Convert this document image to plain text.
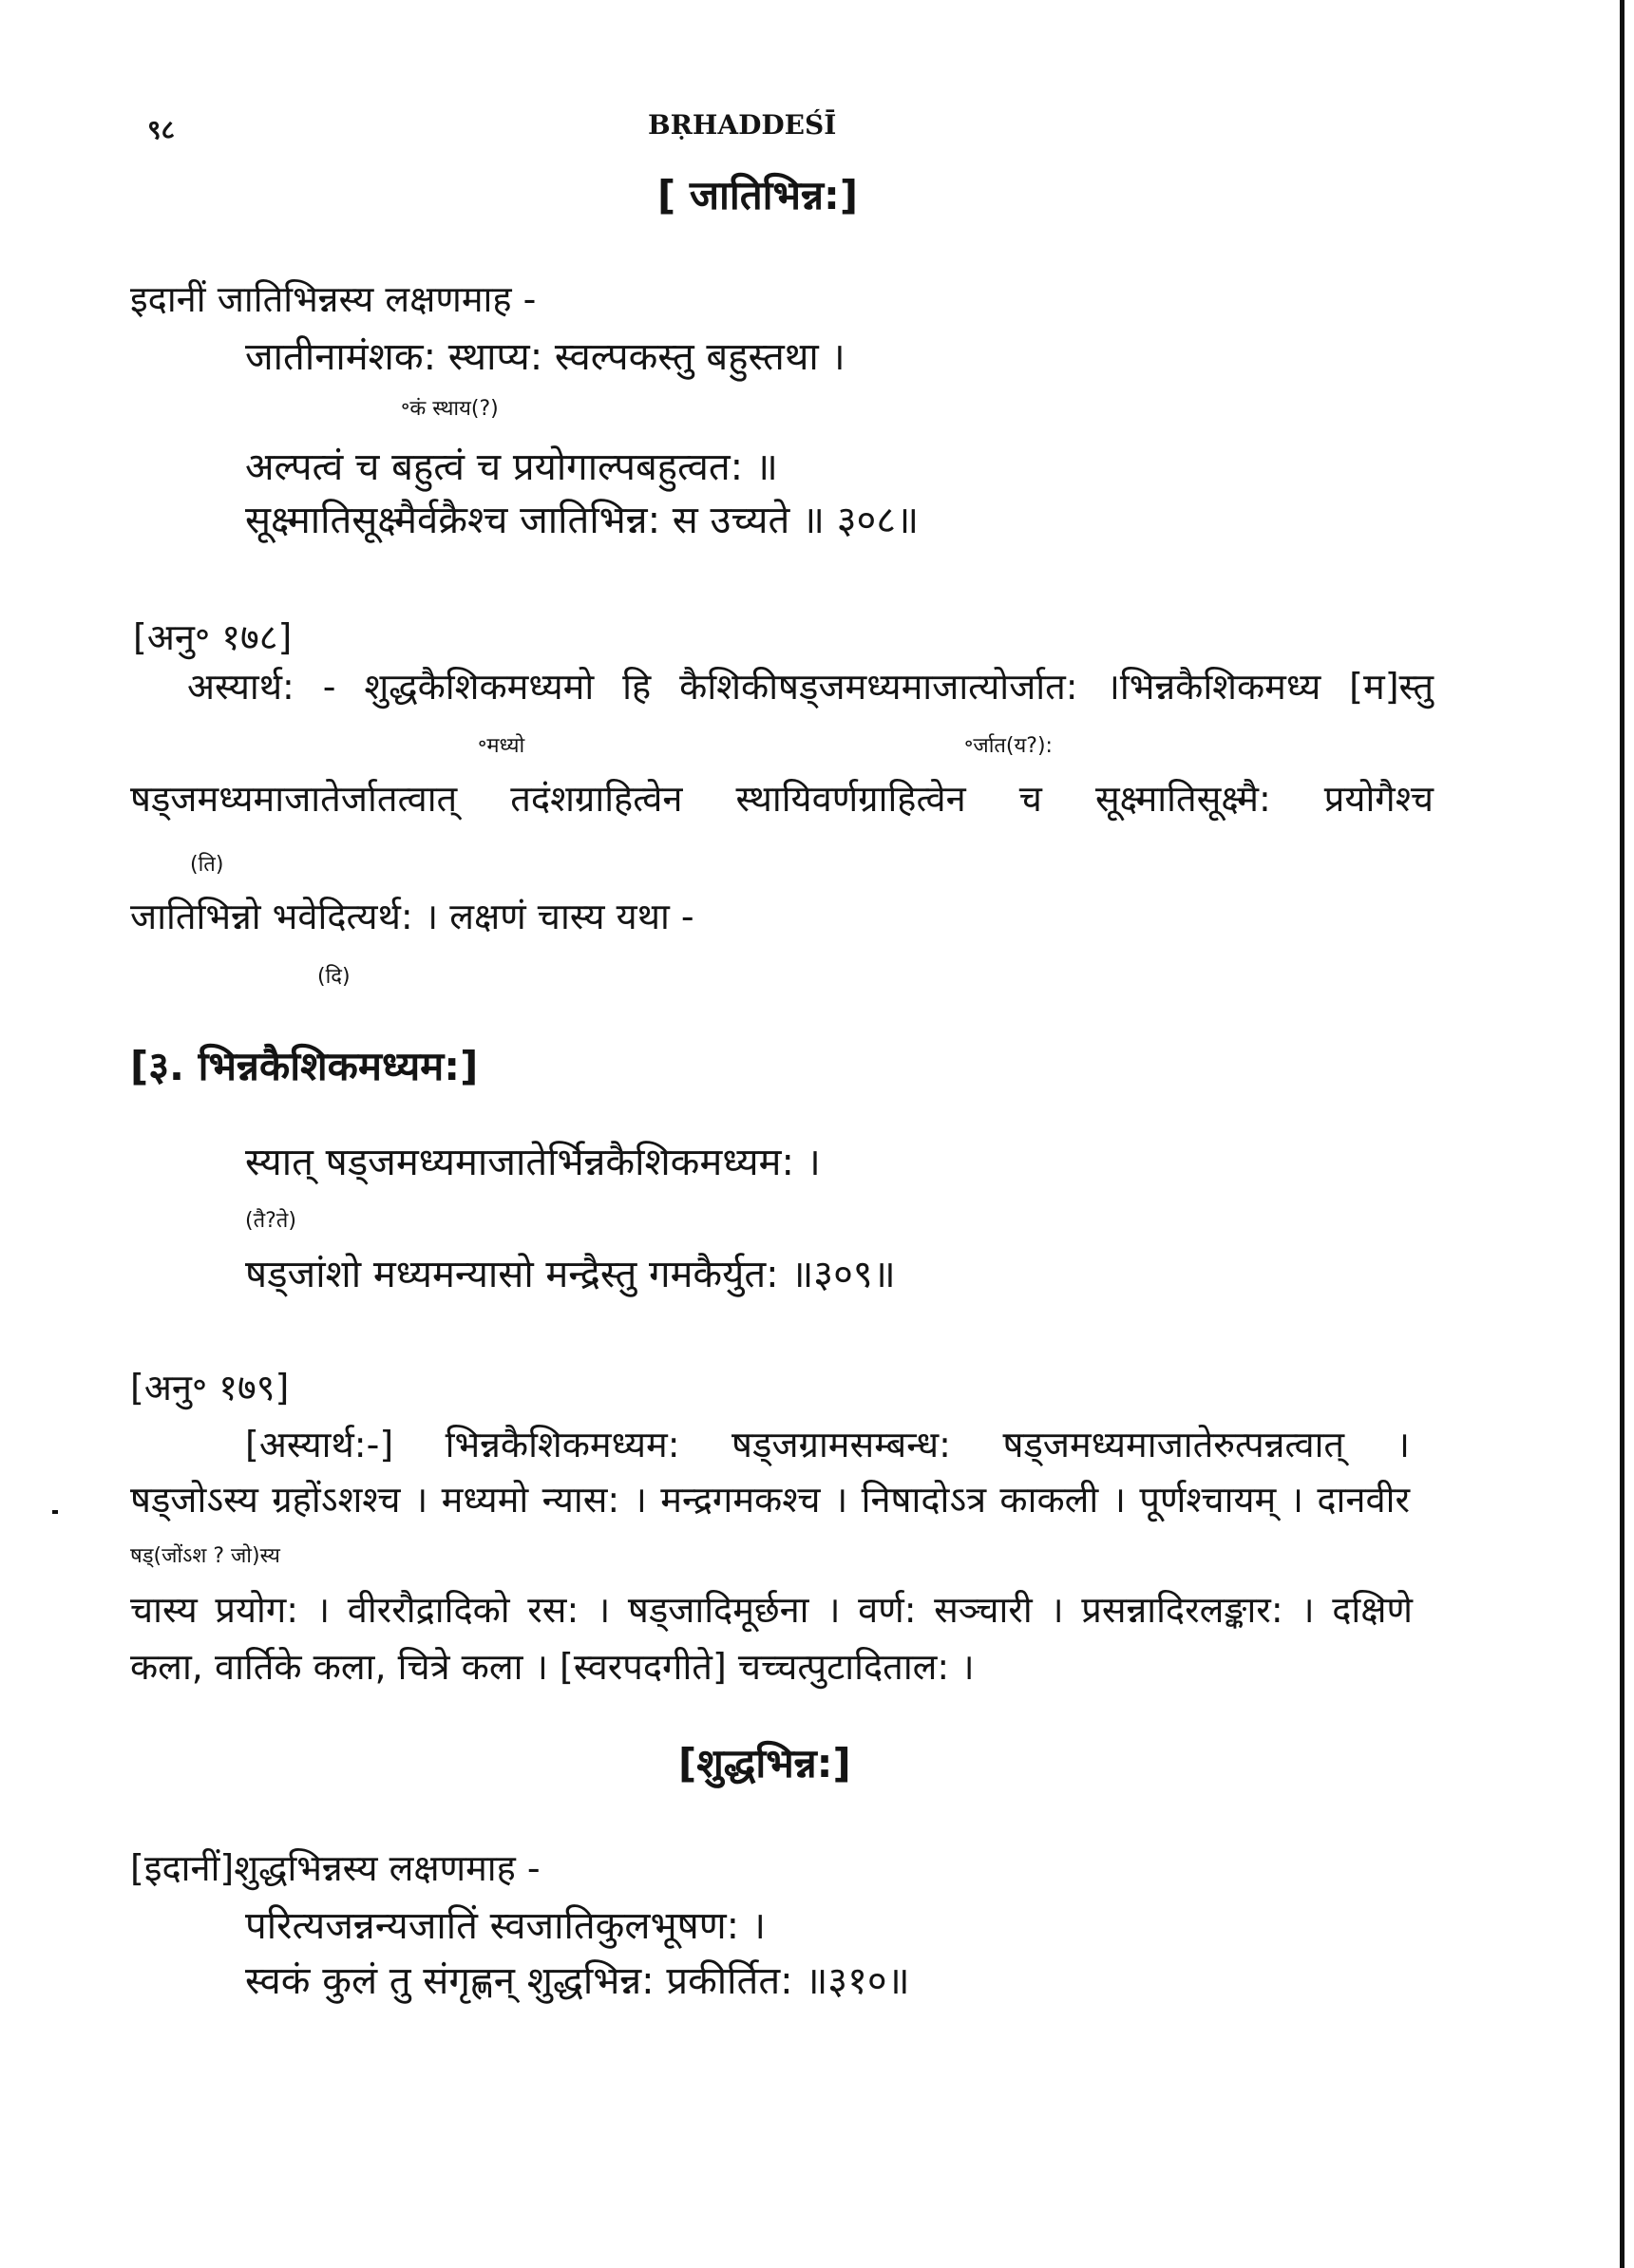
९८	BṚHADDEŚĪ
[ जातिभिन्न:]
इदानीं जातिभिन्नस्य लक्षणमाह -
जातीनामंशक: स्थाप्य: स्वल्पकस्तु बहुस्तथा ।
॰कं स्थाय(?)
अल्पत्वं च बहुत्वं च प्रयोगाल्पबहुत्वत: ॥
सूक्ष्मातिसूक्ष्मैर्वक्रैश्च जातिभिन्न: स उच्यते ॥ ३०८॥
[अनु॰ १७८]
अस्यार्थ: - शुद्धकैशिकमध्यमो हि कैशिकीषड्जमध्यमाजात्योर्जात: ।भिन्नकैशिकमध्य [म]स्तु
॰मध्यो	॰र्जात(य?):
षड्जमध्यमाजातेर्जातत्वात् तदंशग्राहित्वेन स्थायिवर्णग्राहित्वेन च सूक्ष्मातिसूक्ष्मै: प्रयोगैश्च
(ति)
जातिभिन्नो भवेदित्यर्थ: । लक्षणं चास्य यथा -
(दि)
[३. भिन्नकैशिकमध्यम:]
स्यात् षड्जमध्यमाजातेर्भिन्नकैशिकमध्यम: ।
(तै?ते)
षड्जांशो मध्यमन्यासो मन्द्रैस्तु गमकैर्युत: ॥३०९॥
[अनु॰ १७९]
[अस्यार्थ:-] भिन्नकैशिकमध्यम: षड्जग्रामसम्बन्ध: षड्जमध्यमाजातेरुत्पन्नत्वात् ।
षड्जोऽस्य ग्रहोंऽशश्च । मध्यमो न्यास: । मन्द्रगमकश्च । निषादोऽत्र काकली । पूर्णश्चायम् । दानवीर
षड्(जोंऽश ? जो)स्य
चास्य प्रयोग: । वीररौद्रादिको रस: । षड्जादिमूर्छना । वर्ण: सञ्चारी । प्रसन्नादिरलङ्कार: । दक्षिणे
कला, वार्तिके कला, चित्रे कला । [स्वरपदगीते] चच्चत्पुटादिताल: ।
[शुद्धभिन्न:]
[इदानीं]शुद्धभिन्नस्य लक्षणमाह -
परित्यजन्नन्यजातिं स्वजातिकुलभूषण: ।
स्वकं कुलं तु संगृह्णन् शुद्धभिन्न: प्रकीर्तित: ॥३१०॥
